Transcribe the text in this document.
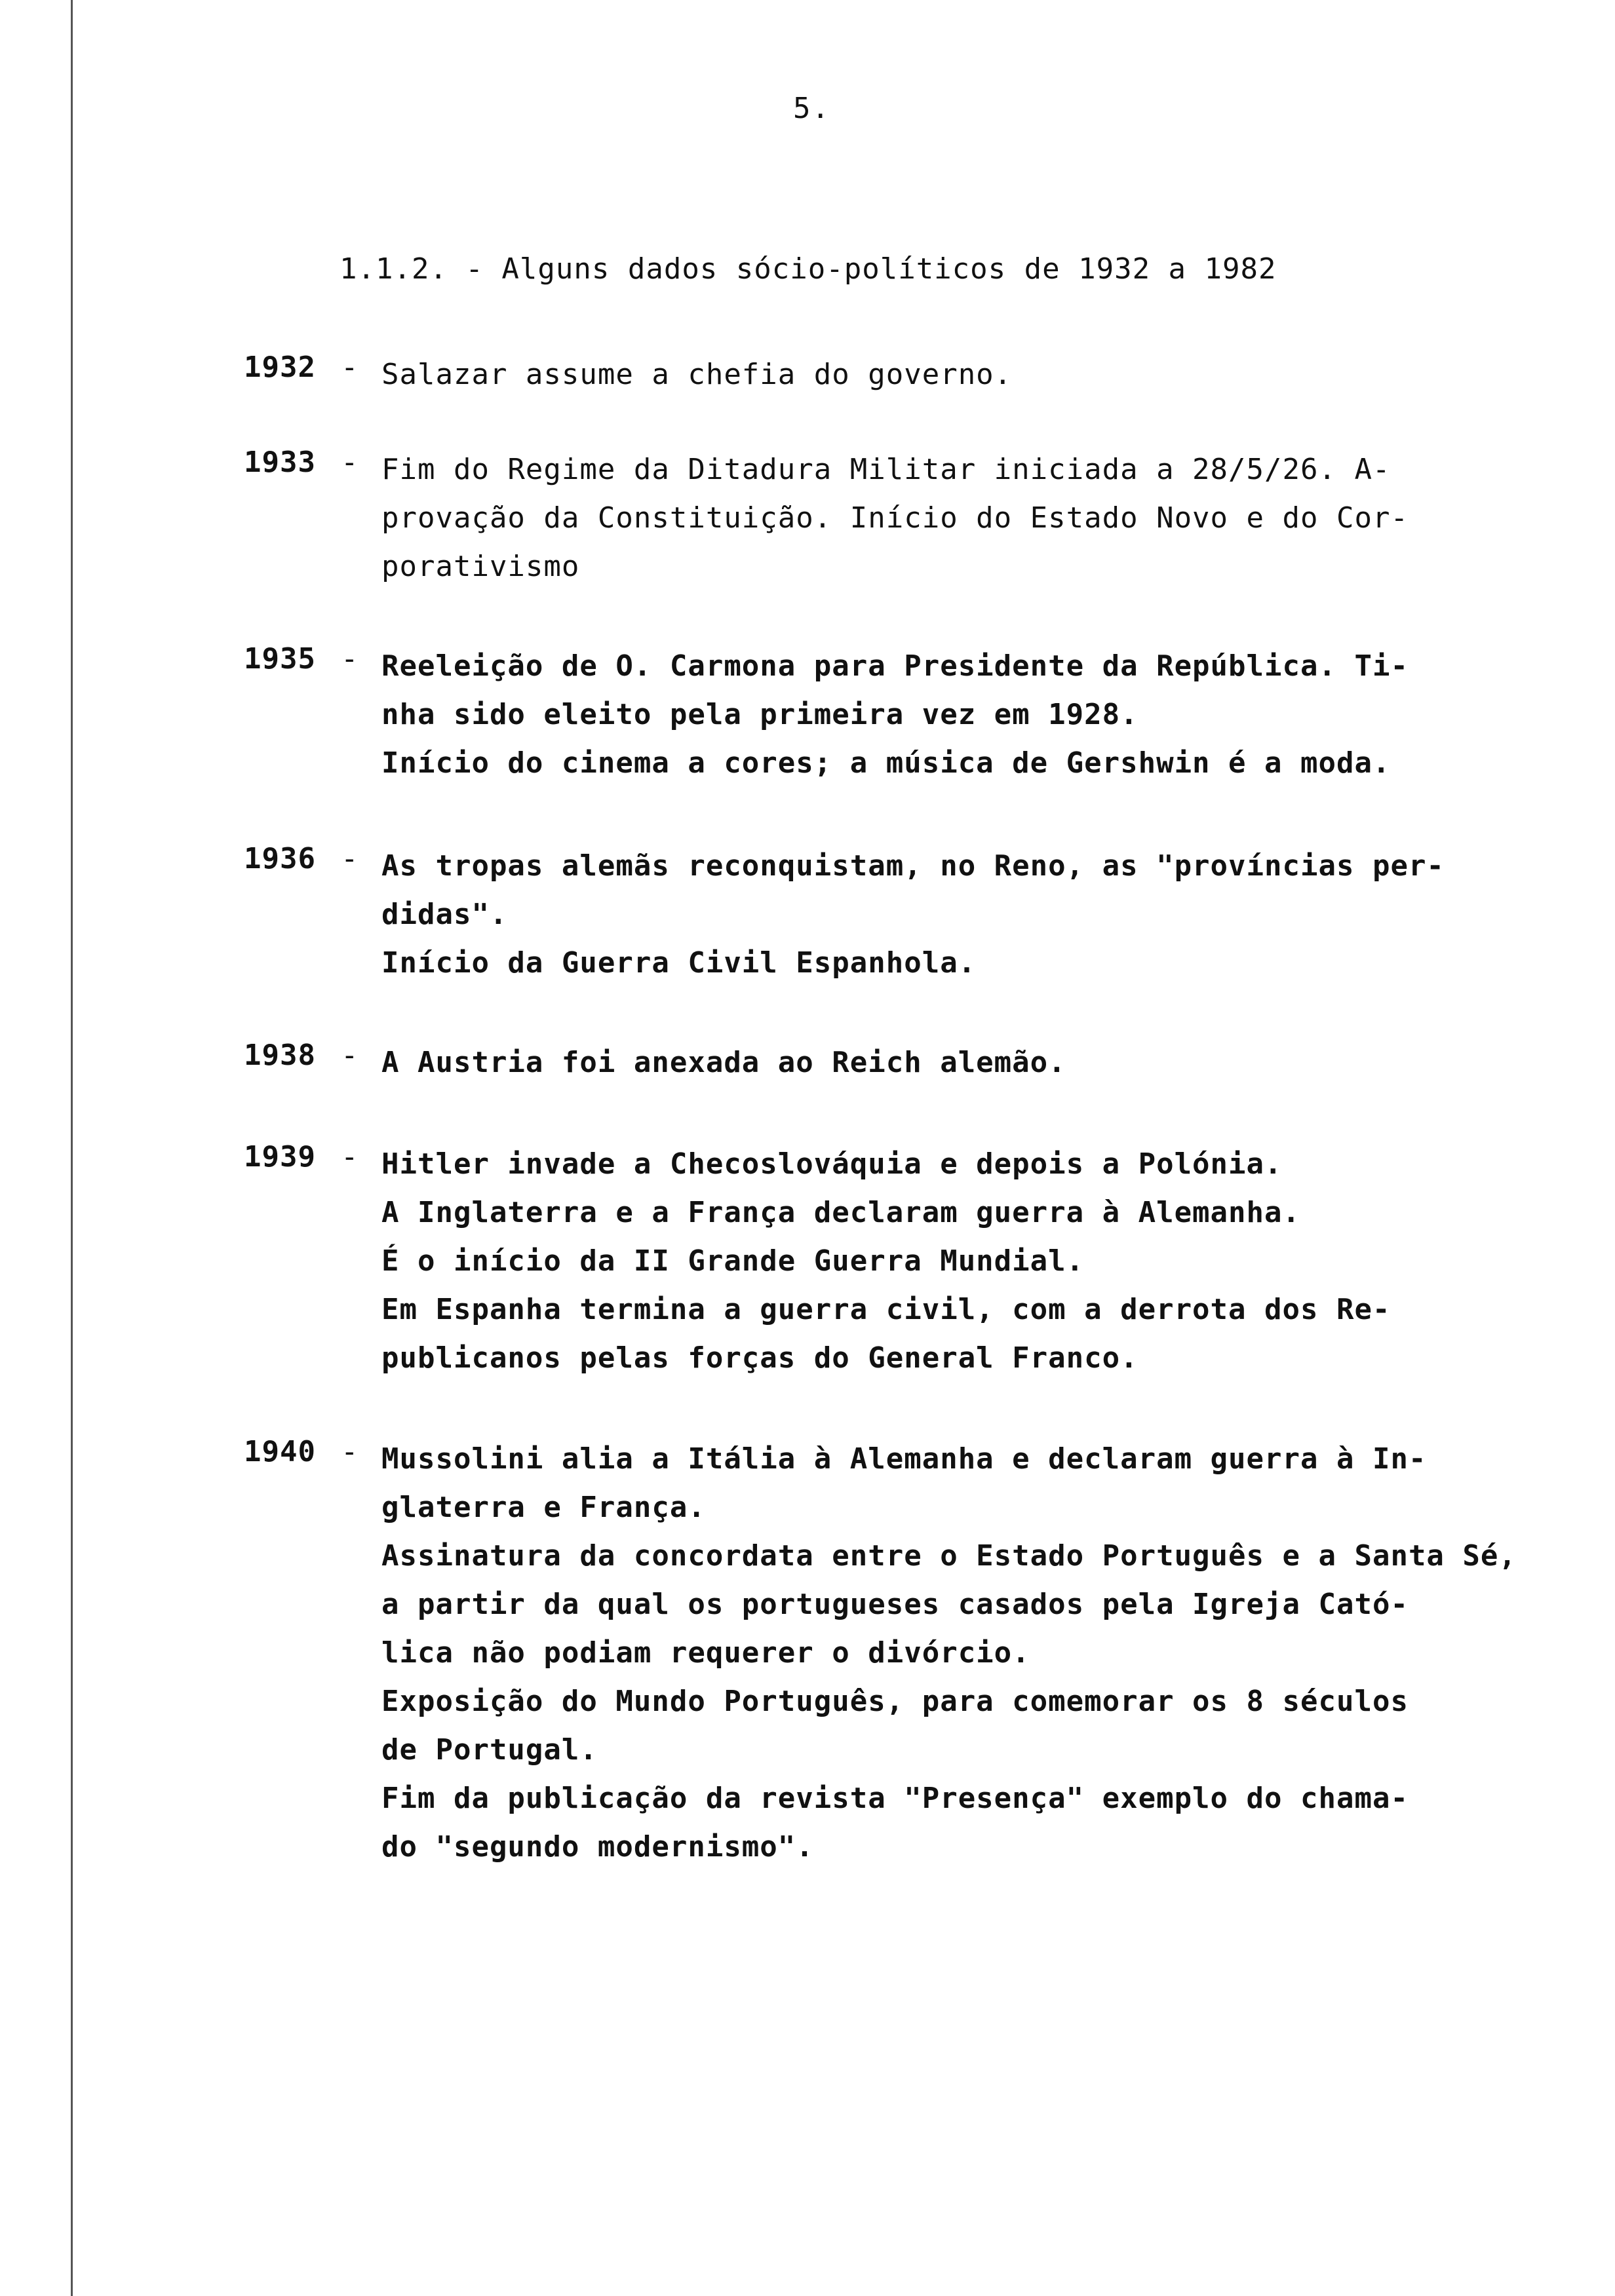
5.
1.1.2. - Alguns dados sócio-políticos de 1932 a 1982
1932 - Salazar assume a chefia do governo.
1933 - Fim do Regime da Ditadura Militar iniciada a 28/5/26. A-
provação da Constituição. Início do Estado Novo e do Cor-
porativismo
1935 - Reeleição de O. Carmona para Presidente da República. Ti-
nha sido eleito pela primeira vez em 1928.
Início do cinema a cores; a música de Gershwin é a moda.
1936 - As tropas alemãs reconquistam, no Reno, as "províncias per-
didas".
Início da Guerra Civil Espanhola.
1938 - A Austria foi anexada ao Reich alemão.
1939 - Hitler invade a Checoslováquia e depois a Polónia.
A Inglaterra e a França declaram guerra à Alemanha.
É o início da II Grande Guerra Mundial.
Em Espanha termina a guerra civil, com a derrota dos Re-
publicanos pelas forças do General Franco.
1940 - Mussolini alia a Itália à Alemanha e declaram guerra à In-
glaterra e França.
Assinatura da concordata entre o Estado Português e a Santa Sé,
a partir da qual os portugueses casados pela Igreja Cató-
lica não podiam requerer o divórcio.
Exposição do Mundo Português, para comemorar os 8 séculos
de Portugal.
Fim da publicação da revista "Presença" exemplo do chama-
do "segundo modernismo".
